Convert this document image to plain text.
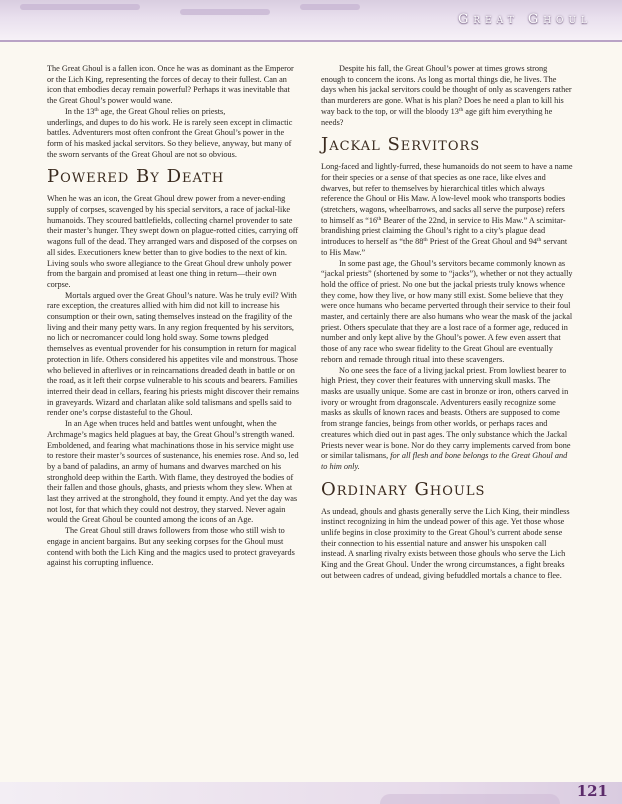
Great Ghoul

The Great Ghoul is a fallen icon. Once he was as dominant as the Emperor or the Lich King, representing the forces of decay to their fullest. Can an icon that embodies decay remain powerful? Perhaps it was inevitable that the Great Ghoul’s power would wane.

In the 13th age, the Great Ghoul relies on priests,

underlings, and dupes to do his work. He is rarely seen except in climactic battles. Adventurers most often confront the Great Ghoul’s power in the form of his masked jackal servitors. So they believe, anyway, but many of the sworn servants of the Great Ghoul are not so obvious.

Powered By Death

When he was an icon, the Great Ghoul drew power from a never-ending supply of corpses, scavenged by his special servitors, a race of jackal-like humanoids. They scoured battlefields, collecting charnel provender to sate their master’s hunger. They swept down on plague-rotted cities, carrying off wagons full of the dead. They arranged wars and disposed of the corpses on all sides. Executioners knew better than to give bodies to the next of kin. Living souls who swore allegiance to the Great Ghoul drew unholy power from the bargain and promised at least one thing in return—their own corpse.

Mortals argued over the Great Ghoul’s nature. Was he truly evil? With rare exception, the creatures allied with him did not kill to increase his consumption or their own, sating themselves instead on the fragility of the living and their many petty wars. In any region frequented by his servitors, no lich or necromancer could long hold sway. Some towns pledged themselves as eventual provender for his consumption in return for magical protection in life. Others considered his appetites vile and monstrous. Those who believed in afterlives or in reincarnations dreaded death in battle or on the road, as it left their corpse vulnerable to his scouts and bearers. Families interred their dead in cellars, fearing his priests might discover their remains in graveyards. Wizard and charlatan alike sold talismans and spells said to render one’s corpse distasteful to the Ghoul.

In an Age when truces held and battles went unfought, when the Archmage’s magics held plagues at bay, the Great Ghoul’s strength waned. Emboldened, and fearing what machinations those in his service might use to restore their master’s sources of sustenance, his enemies rose. And so, led by a band of paladins, an army of humans and dwarves marched on his stronghold deep within the Earth. With flame, they destroyed the bodies of their fallen and those ghouls, ghasts, and priests whom they slew. When at last they arrived at the stronghold, they found it empty. And yet the day was not lost, for that which they could not destroy, they starved. Never again would the Great Ghoul be counted among the icons of an Age.

The Great Ghoul still draws followers from those who still wish to engage in ancient bargains. But any seeking corpses for the Ghoul must contend with both the Lich King and the magics used to protect graveyards against his corrupting influence.

Despite his fall, the Great Ghoul’s power at times grows strong enough to concern the icons. As long as mortal things die, he lives. The days when his jackal servitors could be thought of only as scavengers rather than murderers are gone. What is his plan? Does he need a plan to kill his way back to the top, or will the bloody 13th age gift him everything he needs?

Jackal Servitors

Long-faced and lightly-furred, these humanoids do not seem to have a name for their species or a sense of that species as one race, like elves and dwarves, but refer to themselves by hierarchical titles which always reference the Ghoul or His Maw. A low-level mook who transports bodies (stretchers, wagons, wheelbarrows, and sacks all serve the purpose) refers to himself as “16th Bearer of the 22nd, in service to His Maw.” A scimitar-brandishing priest claiming the Ghoul’s right to a city’s plague dead introduces to herself as “the 88th Priest of the Great Ghoul and 94th servant to His Maw.”

In some past age, the Ghoul’s servitors became commonly known as “jackal priests” (shortened by some to “jacks”), whether or not they actually hold the office of priest. No one but the jackal priests truly knows whence they come, how they live, or how many still exist. Some believe that they were once humans who became perverted through their service to their foul master, and certainly there are also humans who wear the mask of the jackal priest. Others speculate that they are a lost race of a former age, reduced in number and only kept alive by the Ghoul’s power. A few even assert that those of any race who swear fidelity to the Great Ghoul are eventually reborn and remade through ritual into these scavengers.

No one sees the face of a living jackal priest. From lowliest bearer to high Priest, they cover their features with unnerving skull masks. The masks are usually unique. Some are cast in bronze or iron, others carved in ivory or wrought from dragonscale. Adventurers easily recognize some masks as skulls of known races and beasts. Others are supposed to come from strange fancies, beings from other worlds, or perhaps races and creatures which died out in past ages. The only substance which the Jackal Priests never wear is bone. Nor do they carry implements carved from bone or similar talismans, for all flesh and bone belongs to the Great Ghoul and to him only.

Ordinary Ghouls

As undead, ghouls and ghasts generally serve the Lich King, their mindless instinct recognizing in him the undead power of this age. Yet those whose unlife begins in close proximity to the Great Ghoul’s current abode sense their connection to his essential nature and answer his unspoken call instead. A snarling rivalry exists between those ghouls who serve the Lich King and the Great Ghoul. Under the wrong circumstances, a fight breaks out between cadres of undead, giving befuddled mortals a chance to flee.

121
